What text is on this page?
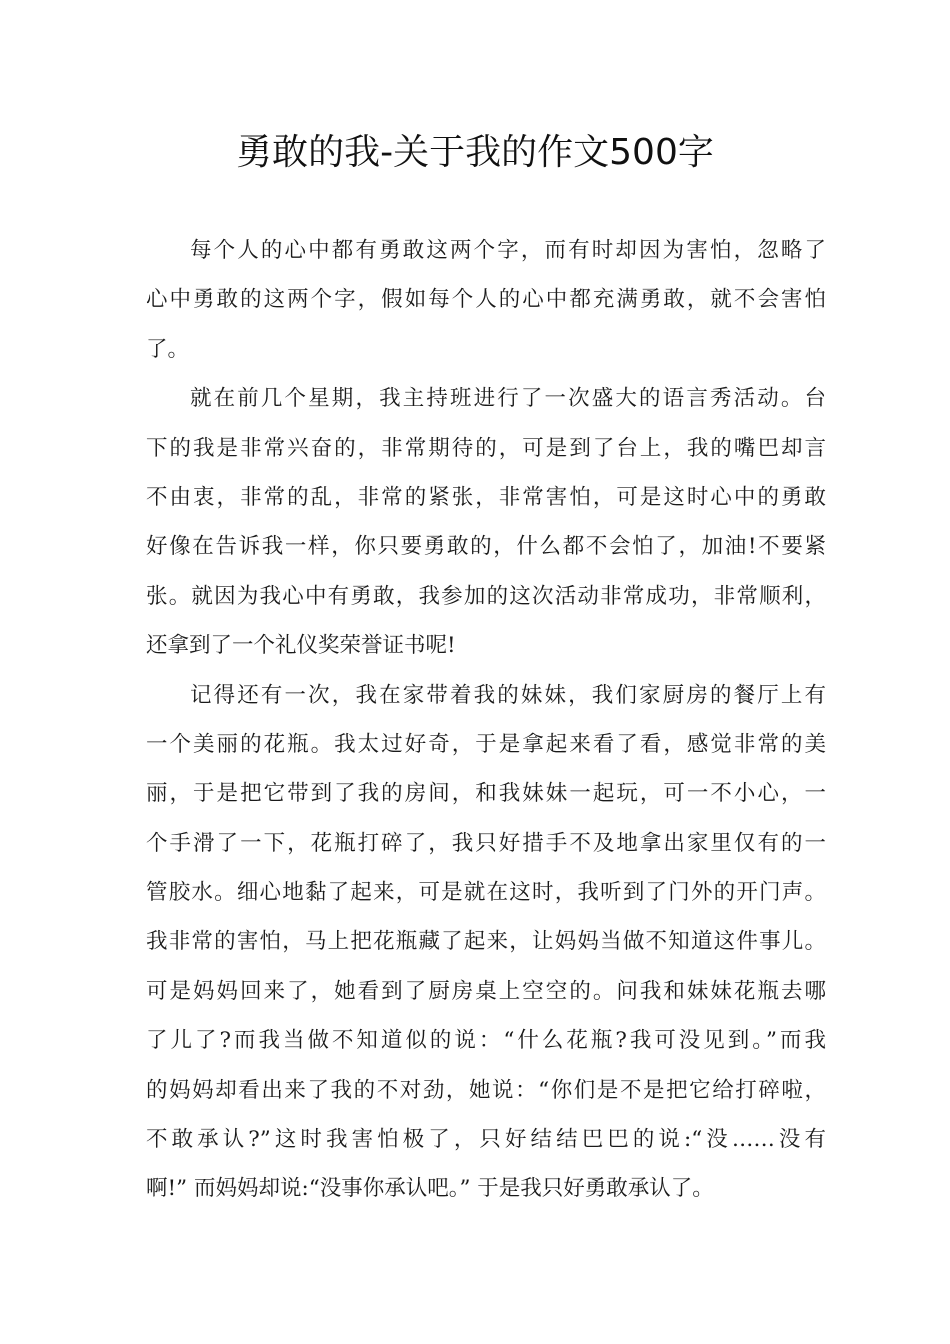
勇敢的我-关于我的作文500字
每个人的心中都有勇敢这两个字，而有时却因为害怕，忽略了
心中勇敢的这两个字，假如每个人的心中都充满勇敢，就不会害怕
了。
就在前几个星期，我主持班进行了一次盛大的语言秀活动。台
下的我是非常兴奋的，非常期待的，可是到了台上，我的嘴巴却言
不由衷，非常的乱，非常的紧张，非常害怕，可是这时心中的勇敢
好像在告诉我一样，你只要勇敢的，什么都不会怕了，加油!不要紧
张。就因为我心中有勇敢，我参加的这次活动非常成功，非常顺利，
还拿到了一个礼仪奖荣誉证书呢!
记得还有一次，我在家带着我的妹妹，我们家厨房的餐厅上有
一个美丽的花瓶。我太过好奇，于是拿起来看了看，感觉非常的美
丽，于是把它带到了我的房间，和我妹妹一起玩，可一不小心，一
个手滑了一下，花瓶打碎了，我只好措手不及地拿出家里仅有的一
管胶水。细心地黏了起来，可是就在这时，我听到了门外的开门声。
我非常的害怕，马上把花瓶藏了起来，让妈妈当做不知道这件事儿。
可是妈妈回来了，她看到了厨房桌上空空的。问我和妹妹花瓶去哪
了儿了?而我当做不知道似的说：“什么花瓶?我可没见到。”而我
的妈妈却看出来了我的不对劲，她说：“你们是不是把它给打碎啦，
不敢承认?”这时我害怕极了，只好结结巴巴的说:“没……没有
啊!” 而妈妈却说:“没事你承认吧。” 于是我只好勇敢承认了。
